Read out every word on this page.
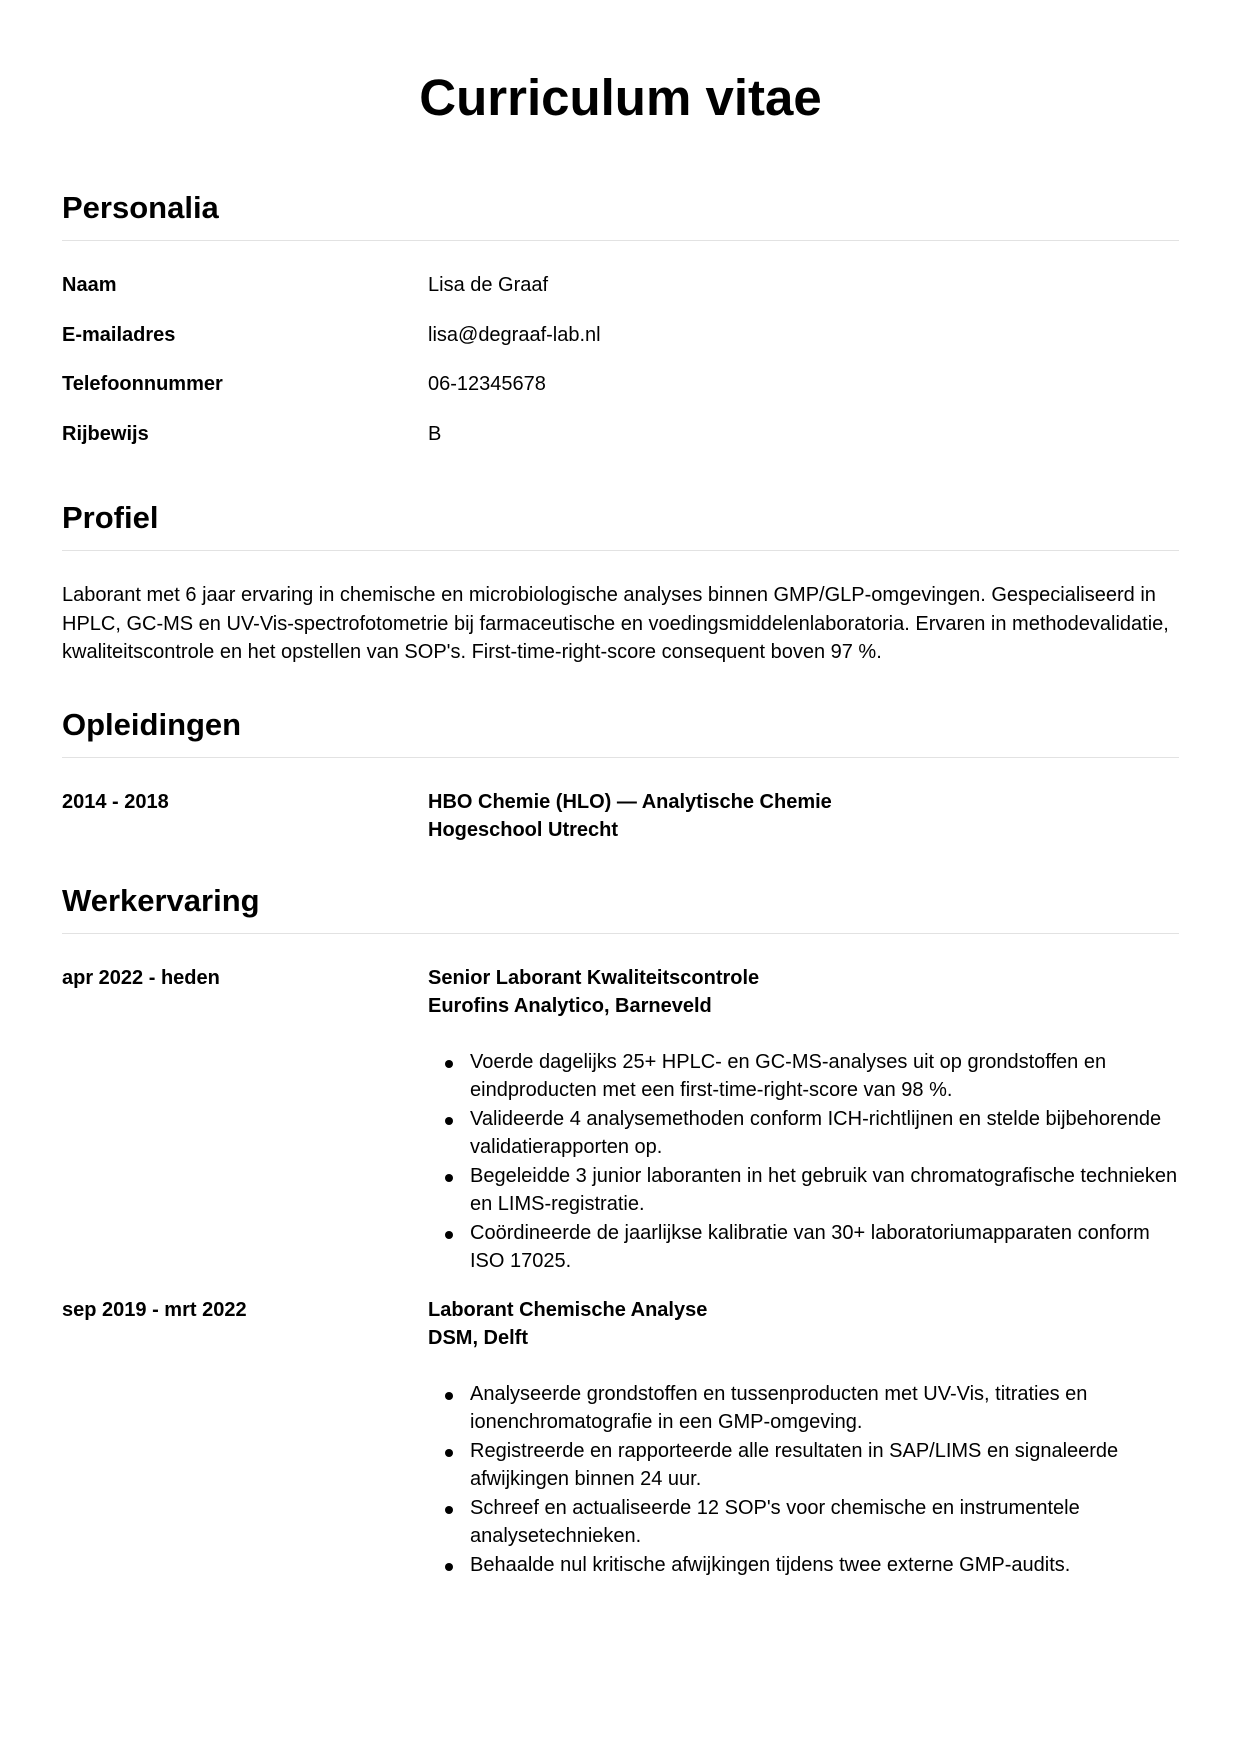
Curriculum vitae
Personalia
Naam	Lisa de Graaf
E-mailadres	lisa@degraaf-lab.nl
Telefoonnummer	06-12345678
Rijbewijs	B
Profiel

Laborant met 6 jaar ervaring in chemische en microbiologische analyses binnen GMP/GLP-omgevingen. Gespecialiseerd in HPLC, GC-MS en UV-Vis-spectrofotometrie bij farmaceutische en voedingsmiddelenlaboratoria. Ervaren in methodevalidatie, kwaliteitscontrole en het opstellen van SOP's. First-time-right-score consequent boven 97 %.

Opleidingen
2014 - 2018	HBO Chemie (HLO) — Analytische Chemie
Hogeschool Utrecht
Werkervaring
apr 2022 - heden	Senior Laborant Kwaliteitscontrole
Eurofins Analytico, Barneveld
Voerde dagelijks 25+ HPLC- en GC-MS-analyses uit op grondstoffen en eindproducten met een first-time-right-score van 98 %.
Valideerde 4 analysemethoden conform ICH-richtlijnen en stelde bijbehorende validatierapporten op.
Begeleidde 3 junior laboranten in het gebruik van chromatografische technieken en LIMS-registratie.
Coördineerde de jaarlijkse kalibratie van 30+ laboratoriumapparaten conform ISO 17025.
sep 2019 - mrt 2022	Laborant Chemische Analyse
DSM, Delft
Analyseerde grondstoffen en tussenproducten met UV-Vis, titraties en ionenchromatografie in een GMP-omgeving.
Registreerde en rapporteerde alle resultaten in SAP/LIMS en signaleerde afwijkingen binnen 24 uur.
Schreef en actualiseerde 12 SOP's voor chemische en instrumentele analysetechnieken.
Behaalde nul kritische afwijkingen tijdens twee externe GMP-audits.
